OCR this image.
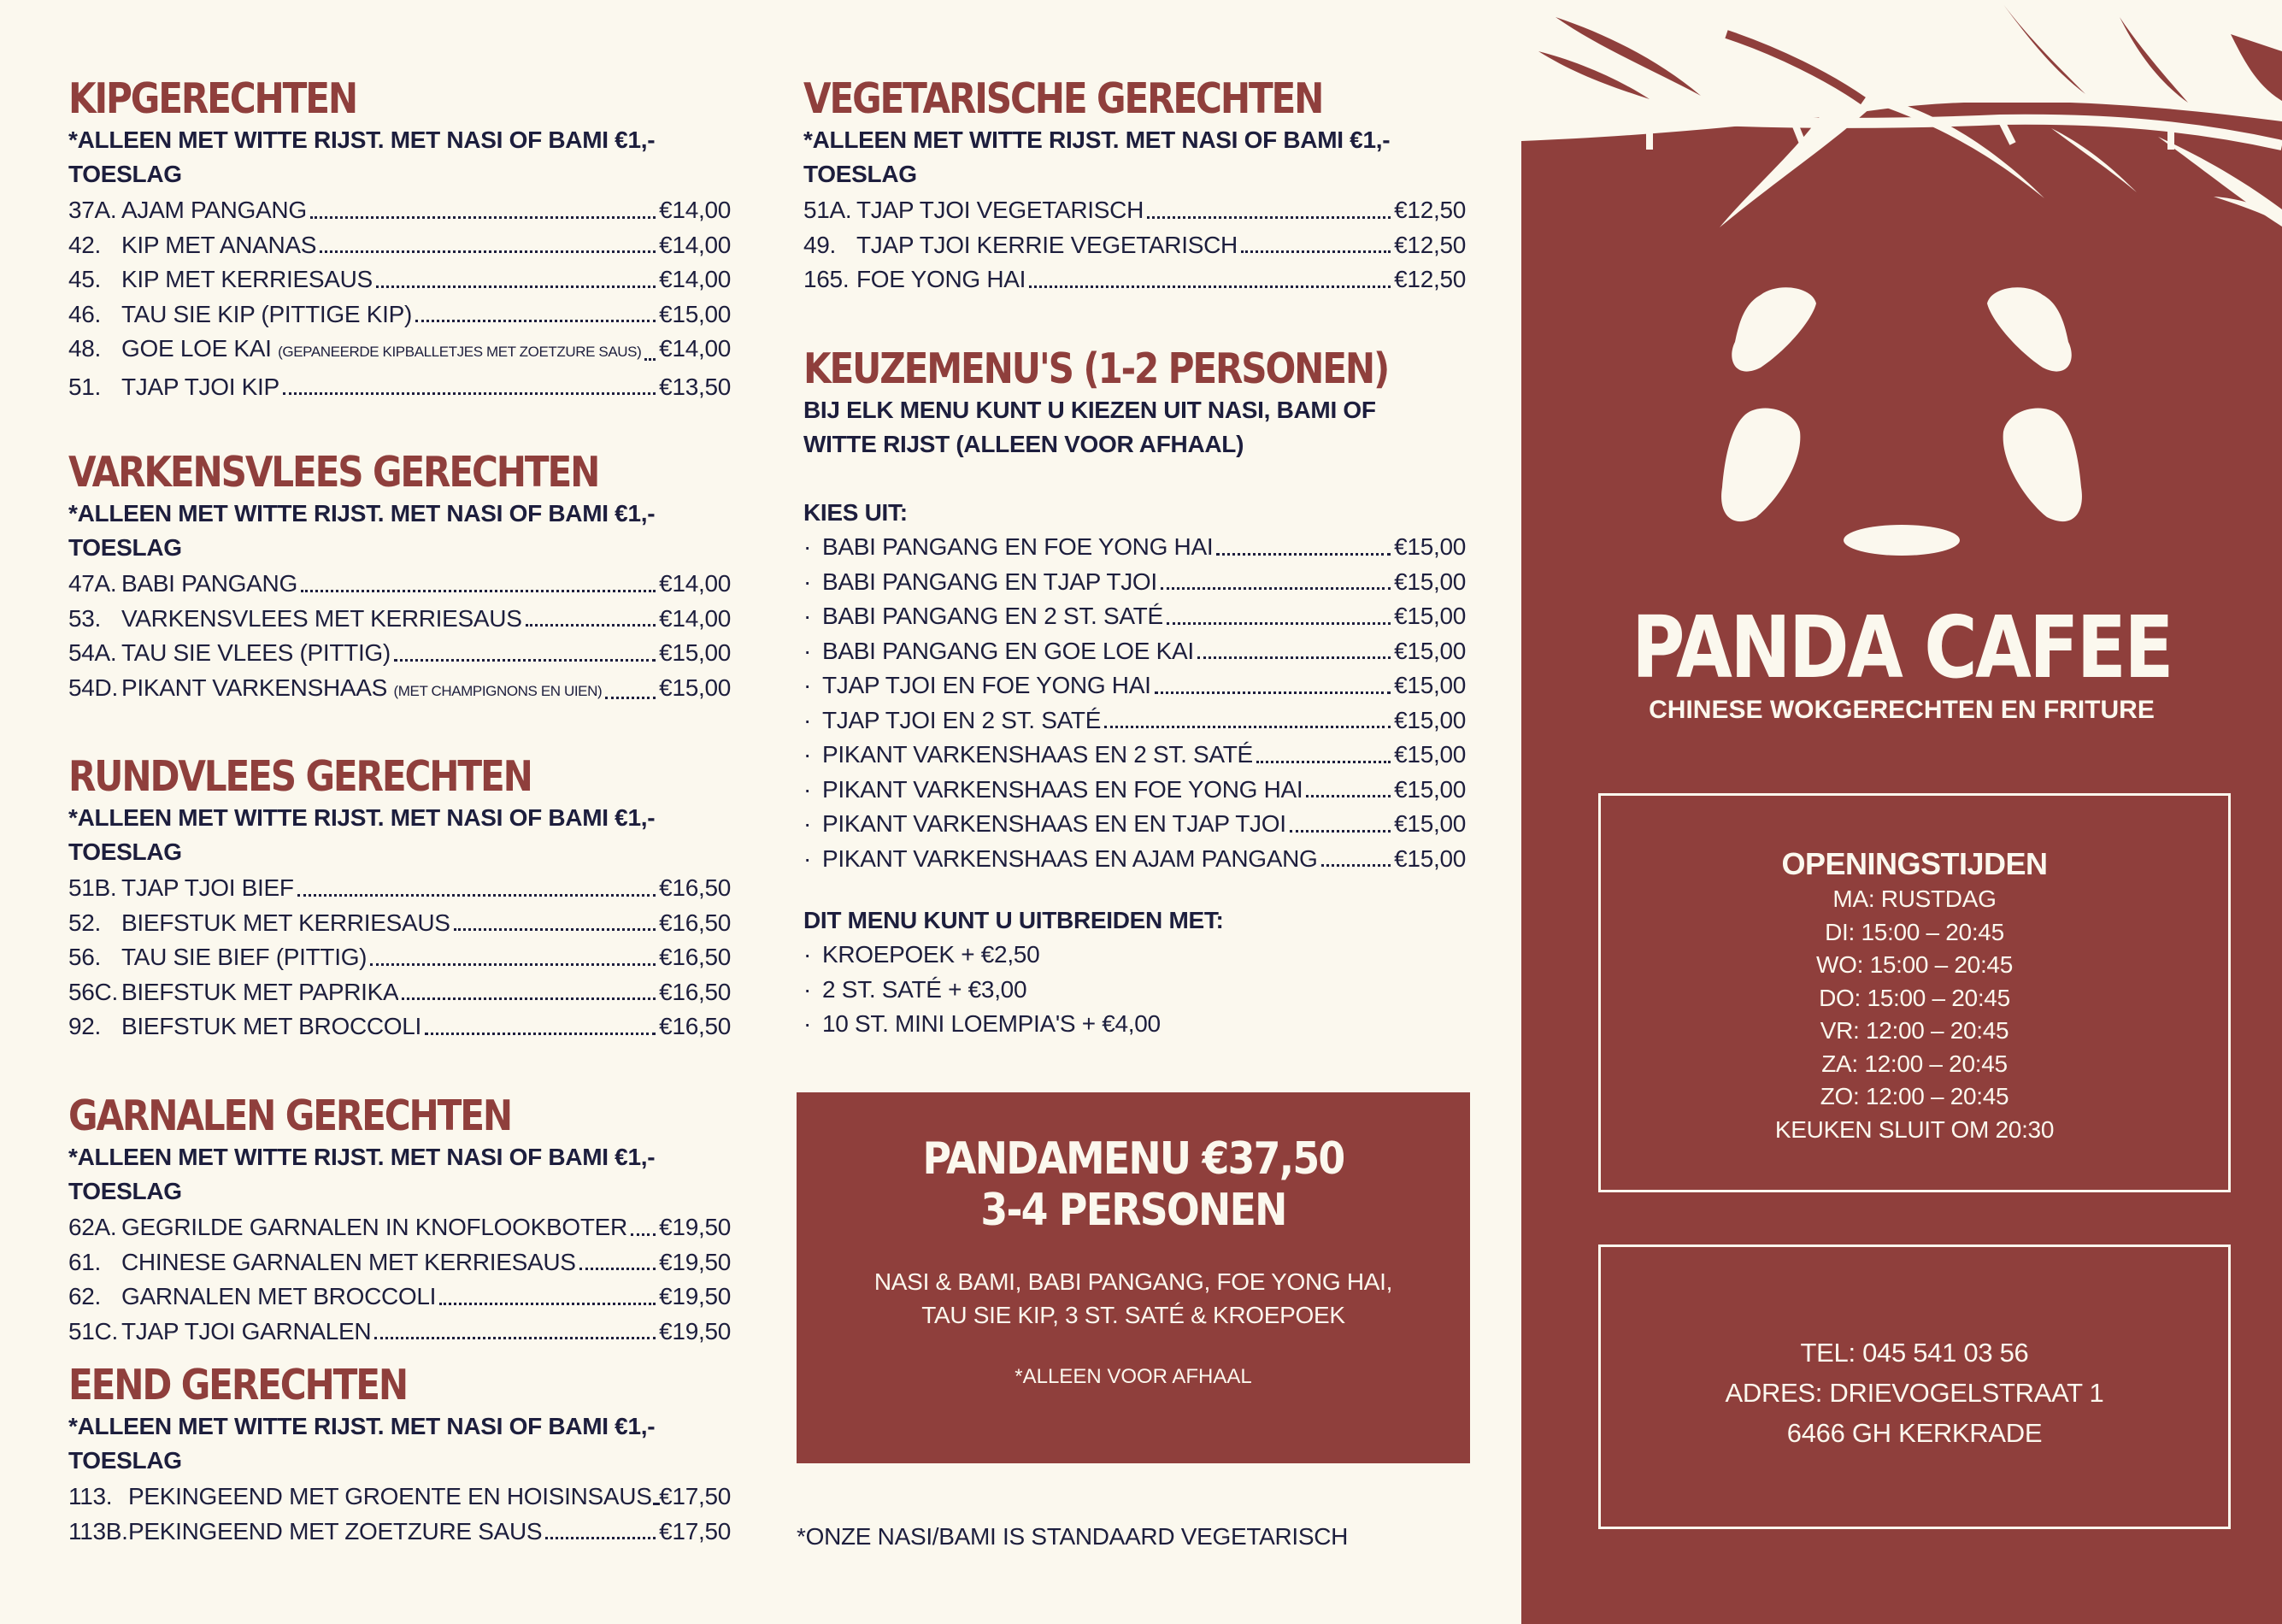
KIPGERECHTEN
*ALLEEN MET WITTE RIJST. MET NASI OF BAMI €1,- TOESLAG
37A. AJAM PANGANG	€14,00
42. KIP MET ANANAS	€14,00
45. KIP MET KERRIESAUS	€14,00
46. TAU SIE KIP (PITTIGE KIP)	€15,00
48. GOE LOE KAI (GEPANEERDE KIPBALLETJES MET ZOETZURE SAUS) €14,00
51. TJAP TJOI KIP	€13,50
VARKENSVLEES GERECHTEN
*ALLEEN MET WITTE RIJST. MET NASI OF BAMI €1,- TOESLAG
47A. BABI PANGANG	€14,00
53. VARKENSVLEES MET KERRIESAUS	€14,00
54A. TAU SIE VLEES (PITTIG)	€15,00
54D. PIKANT VARKENSHAAS (MET CHAMPIGNONS EN UIEN) €15,00
RUNDVLEES GERECHTEN
*ALLEEN MET WITTE RIJST. MET NASI OF BAMI €1,- TOESLAG
51B. TJAP TJOI BIEF	€16,50
52. BIEFSTUK MET KERRIESAUS	€16,50
56. TAU SIE BIEF (PITTIG)	€16,50
56C. BIEFSTUK MET PAPRIKA	€16,50
92. BIEFSTUK MET BROCCOLI	€16,50
GARNALEN GERECHTEN
*ALLEEN MET WITTE RIJST. MET NASI OF BAMI €1,- TOESLAG
62A. GEGRILDE GARNALEN IN KNOFLOOKBOTER €19,50
61. CHINESE GARNALEN MET KERRIESAUS	€19,50
62. GARNALEN MET BROCCOLI	€19,50
51C. TJAP TJOI GARNALEN	€19,50
EEND GERECHTEN
*ALLEEN MET WITTE RIJST. MET NASI OF BAMI €1,- TOESLAG
113. PEKINGEEND MET GROENTE EN HOISINSAUS €17,50
113B. PEKINGEEND MET ZOETZURE SAUS	€17,50
VEGETARISCHE GERECHTEN
*ALLEEN MET WITTE RIJST. MET NASI OF BAMI €1,- TOESLAG
51A. TJAP TJOI VEGETARISCH	€12,50
49. TJAP TJOI KERRIE VEGETARISCH	€12,50
165. FOE YONG HAI	€12,50
KEUZEMENU'S (1-2 PERSONEN)
BIJ ELK MENU KUNT U KIEZEN UIT NASI, BAMI OF WITTE RIJST (ALLEEN VOOR AFHAAL)
KIES UIT:
· BABI PANGANG EN FOE YONG HAI	€15,00
· BABI PANGANG EN TJAP TJOI	€15,00
· BABI PANGANG EN 2 ST. SATÉ	€15,00
· BABI PANGANG EN GOE LOE KAI	€15,00
· TJAP TJOI EN FOE YONG HAI	€15,00
· TJAP TJOI EN 2 ST. SATÉ	€15,00
· PIKANT VARKENSHAAS EN 2 ST. SATÉ	€15,00
· PIKANT VARKENSHAAS EN FOE YONG HAI	€15,00
· PIKANT VARKENSHAAS EN EN TJAP TJOI	€15,00
· PIKANT VARKENSHAAS EN AJAM PANGANG	€15,00
DIT MENU KUNT U UITBREIDEN MET:
· KROEPOEK + €2,50
· 2 ST. SATÉ + €3,00
· 10 ST. MINI LOEMPIA'S + €4,00
PANDAMENU €37,50
3-4 PERSONEN
NASI & BAMI, BABI PANGANG, FOE YONG HAI,
TAU SIE KIP, 3 ST. SATÉ & KROEPOEK
*ALLEEN VOOR AFHAAL
*ONZE NASI/BAMI IS STANDAARD VEGETARISCH
PANDA CAFEE
CHINESE WOKGERECHTEN EN FRITURE
OPENINGSTIJDEN
MA: RUSTDAG
DI: 15:00 – 20:45
WO: 15:00 – 20:45
DO: 15:00 – 20:45
VR: 12:00 – 20:45
ZA: 12:00 – 20:45
ZO: 12:00 – 20:45
KEUKEN SLUIT OM 20:30
TEL: 045 541 03 56
ADRES: DRIEVOGELSTRAAT 1
6466 GH KERKRADE
